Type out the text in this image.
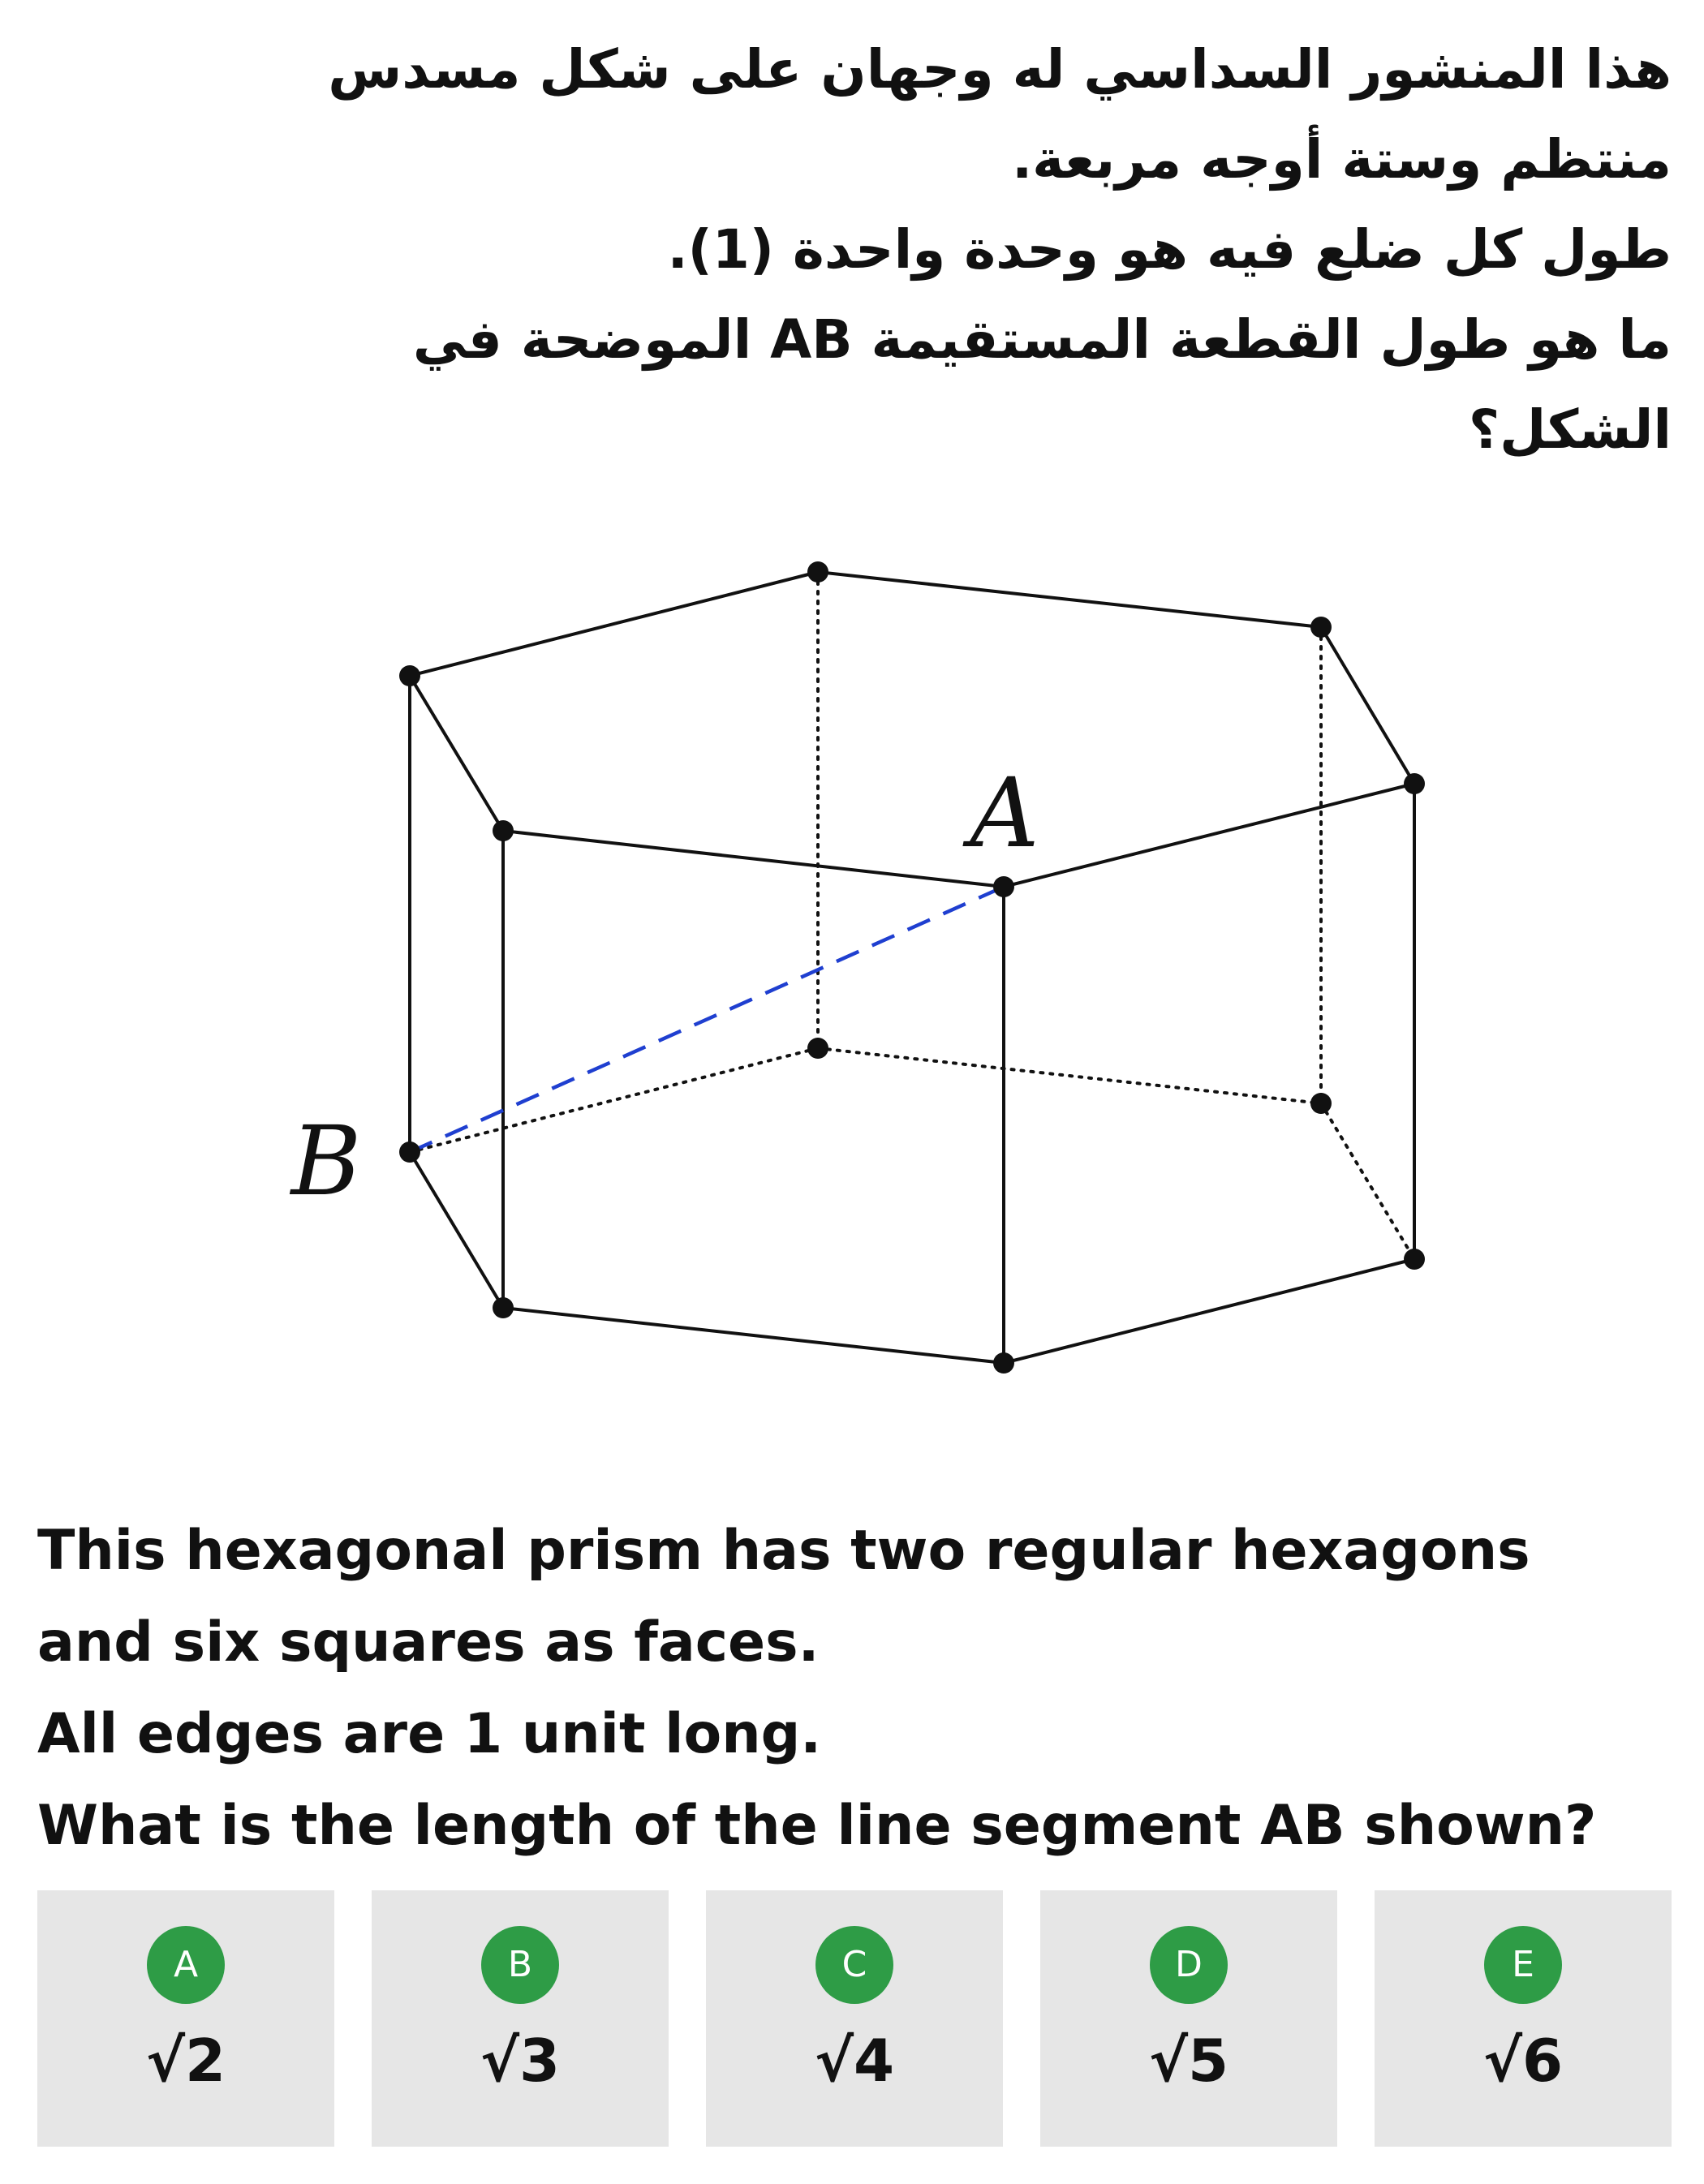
هذا المنشور السداسي له وجهان على شكل مسدس
منتظم وستة أوجه مربعة.
طول كل ضلع فيه هو وحدة واحدة (1).
ما هو طول القطعة المستقيمة AB الموضحة في
الشكل؟
A
B
This hexagonal prism has two regular hexagons
and six squares as faces.
All edges are 1 unit long.
What is the length of the line segment AB shown?
A
√2
B
√3
C
√4
D
√5
E
√6
